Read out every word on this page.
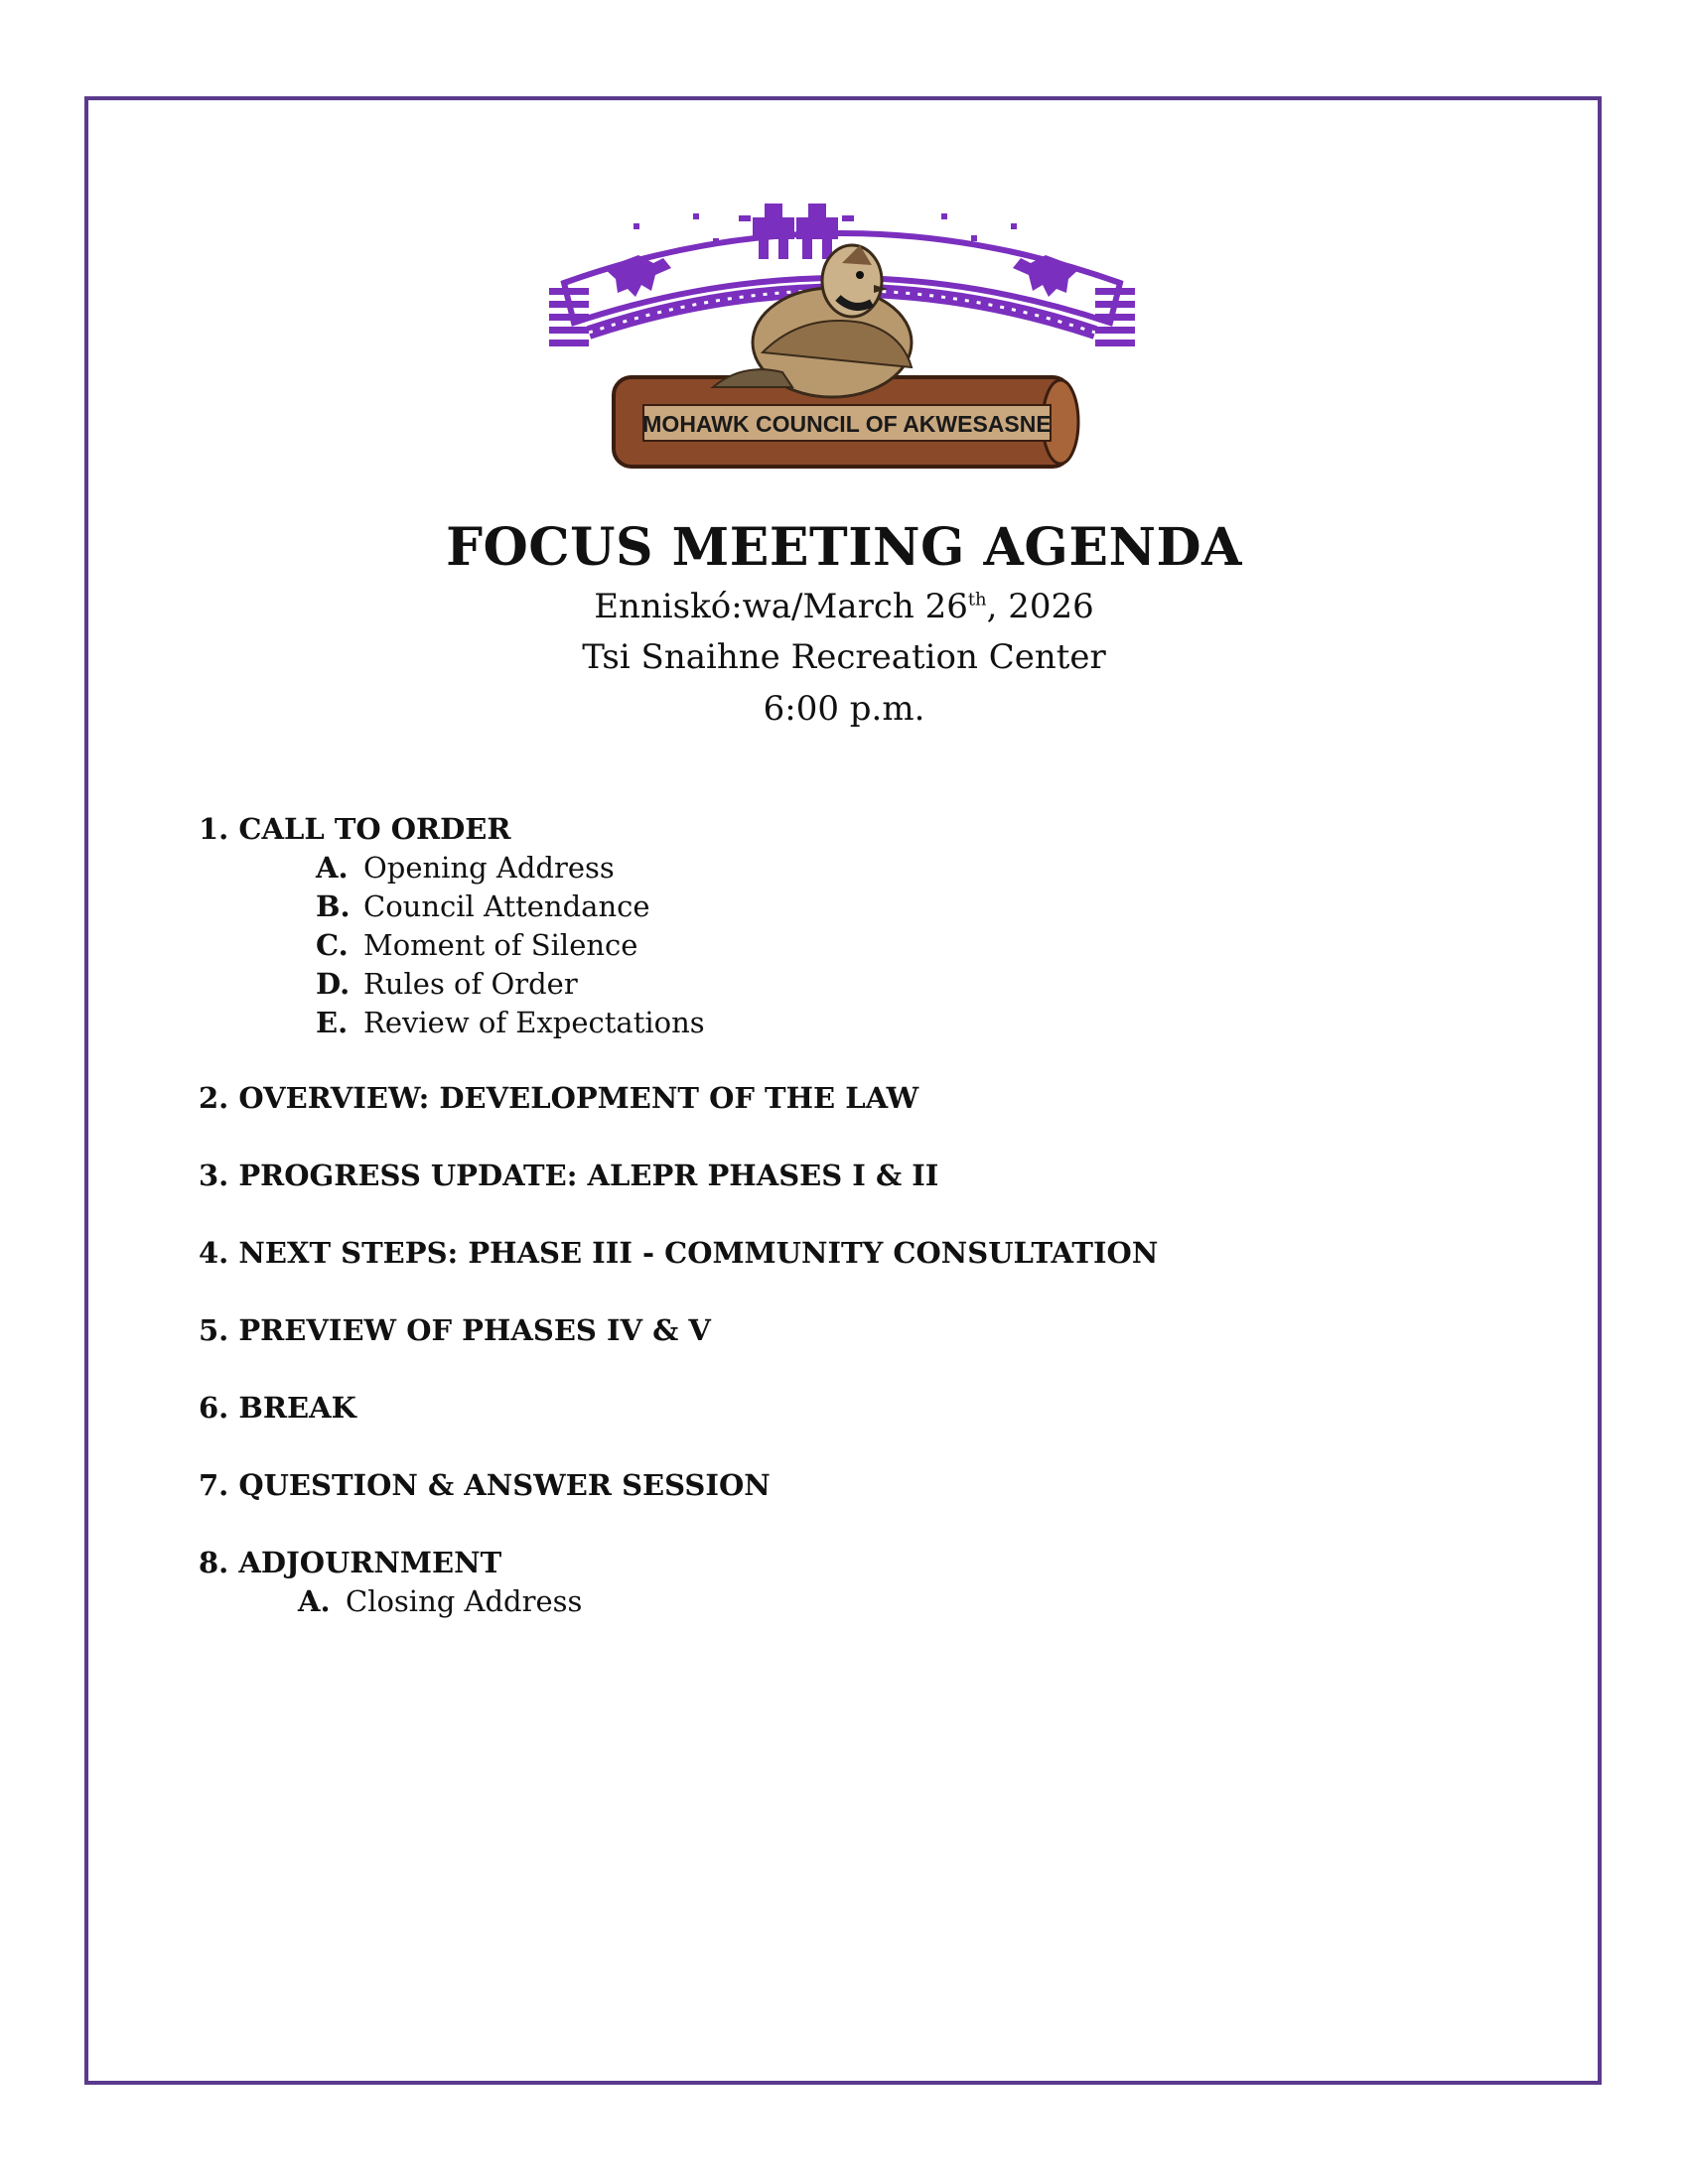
MOHAWK COUNCIL OF AKWESASNE
FOCUS MEETING AGENDA
Enniskó:wa/March 26th, 2026
Tsi Snaihne Recreation Center
6:00 p.m.
1. CALL TO ORDER
A. Opening Address
B. Council Attendance
C. Moment of Silence
D. Rules of Order
E. Review of Expectations
2. OVERVIEW: DEVELOPMENT OF THE LAW
3. PROGRESS UPDATE: ALEPR PHASES I & II
4. NEXT STEPS: PHASE III - COMMUNITY CONSULTATION
5. PREVIEW OF PHASES IV & V
6. BREAK
7. QUESTION & ANSWER SESSION
8. ADJOURNMENT
A. Closing Address
